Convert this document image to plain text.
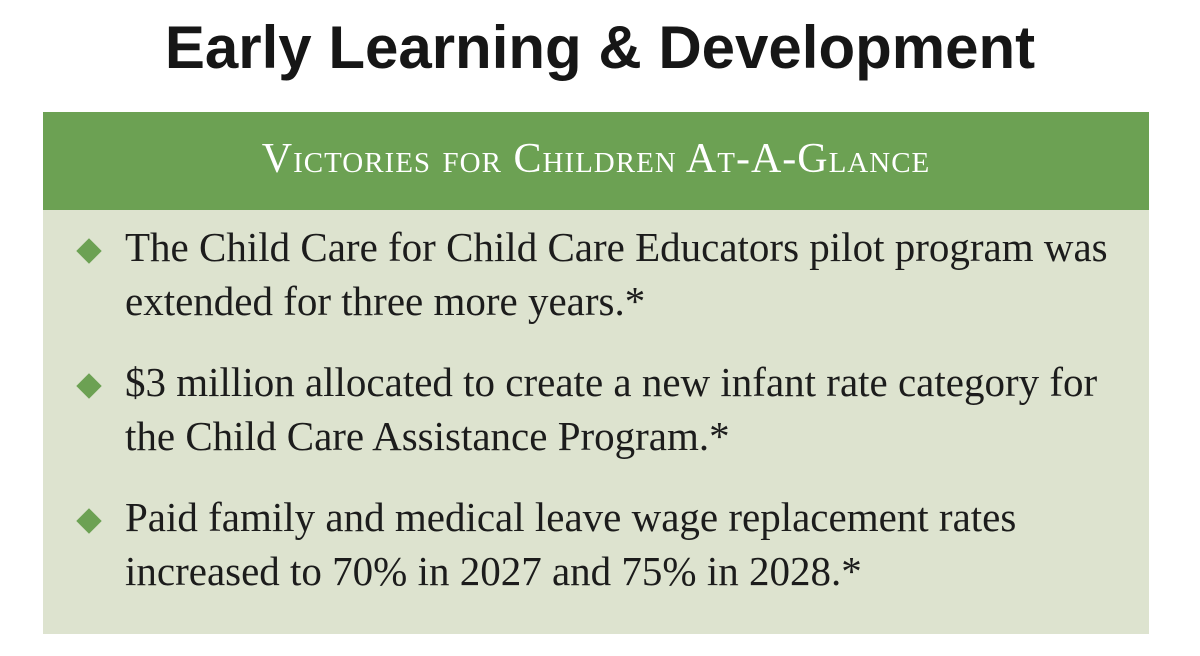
Early Learning & Development
Victories for Children At-A-Glance

The Child Care for Child Care Educators pilot program was extended for three more years.*

$3 million allocated to create a new infant rate category for the Child Care Assistance Program.*

Paid family and medical leave wage replacement rates increased to 70% in 2027 and 75% in 2028.*
